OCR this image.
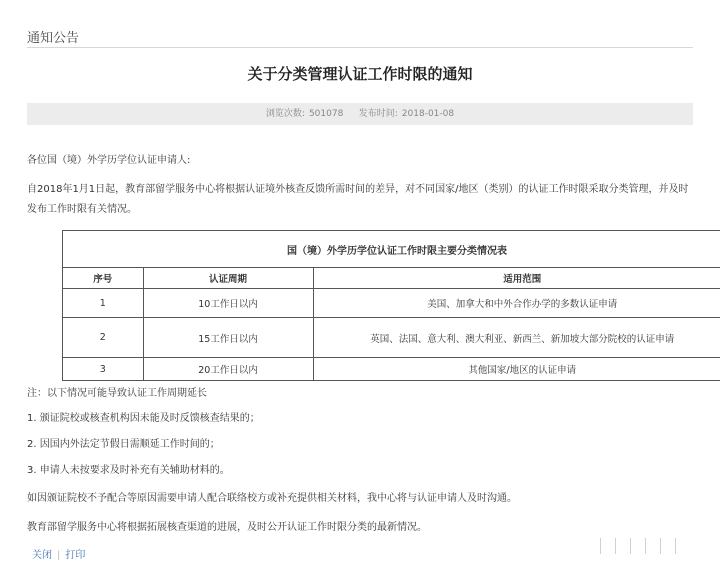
通知公告
关于分类管理认证工作时限的通知
浏览次数: 501078 发布时间: 2018-01-08
各位国（境）外学历学位认证申请人:
自2018年1月1日起，教育部留学服务中心将根据认证境外核查反馈所需时间的差异，对不同国家/地区（类别）的认证工作时限采取分类管理，并及时发布工作时限有关情况。
国（境）外学历学位认证工作时限主要分类情况表		
序号	认证周期	适用范围
1	10工作日以内	美国、加拿大和中外合作办学的多数认证申请
2	15工作日以内	英国、法国、意大利、澳大利亚、新西兰、新加坡大部分院校的认证申请
3	20工作日以内	其他国家/地区的认证申请
注：以下情况可能导致认证工作周期延长
1. 颁证院校或核查机构因未能及时反馈核查结果的；
2. 因国内外法定节假日需顺延工作时间的；
3. 申请人未按要求及时补充有关辅助材料的。
如因颁证院校不予配合等原因需要申请人配合联络校方或补充提供相关材料，我中心将与认证申请人及时沟通。
教育部留学服务中心将根据拓展核查渠道的进展，及时公开认证工作时限分类的最新情况。
关闭 | 打印
